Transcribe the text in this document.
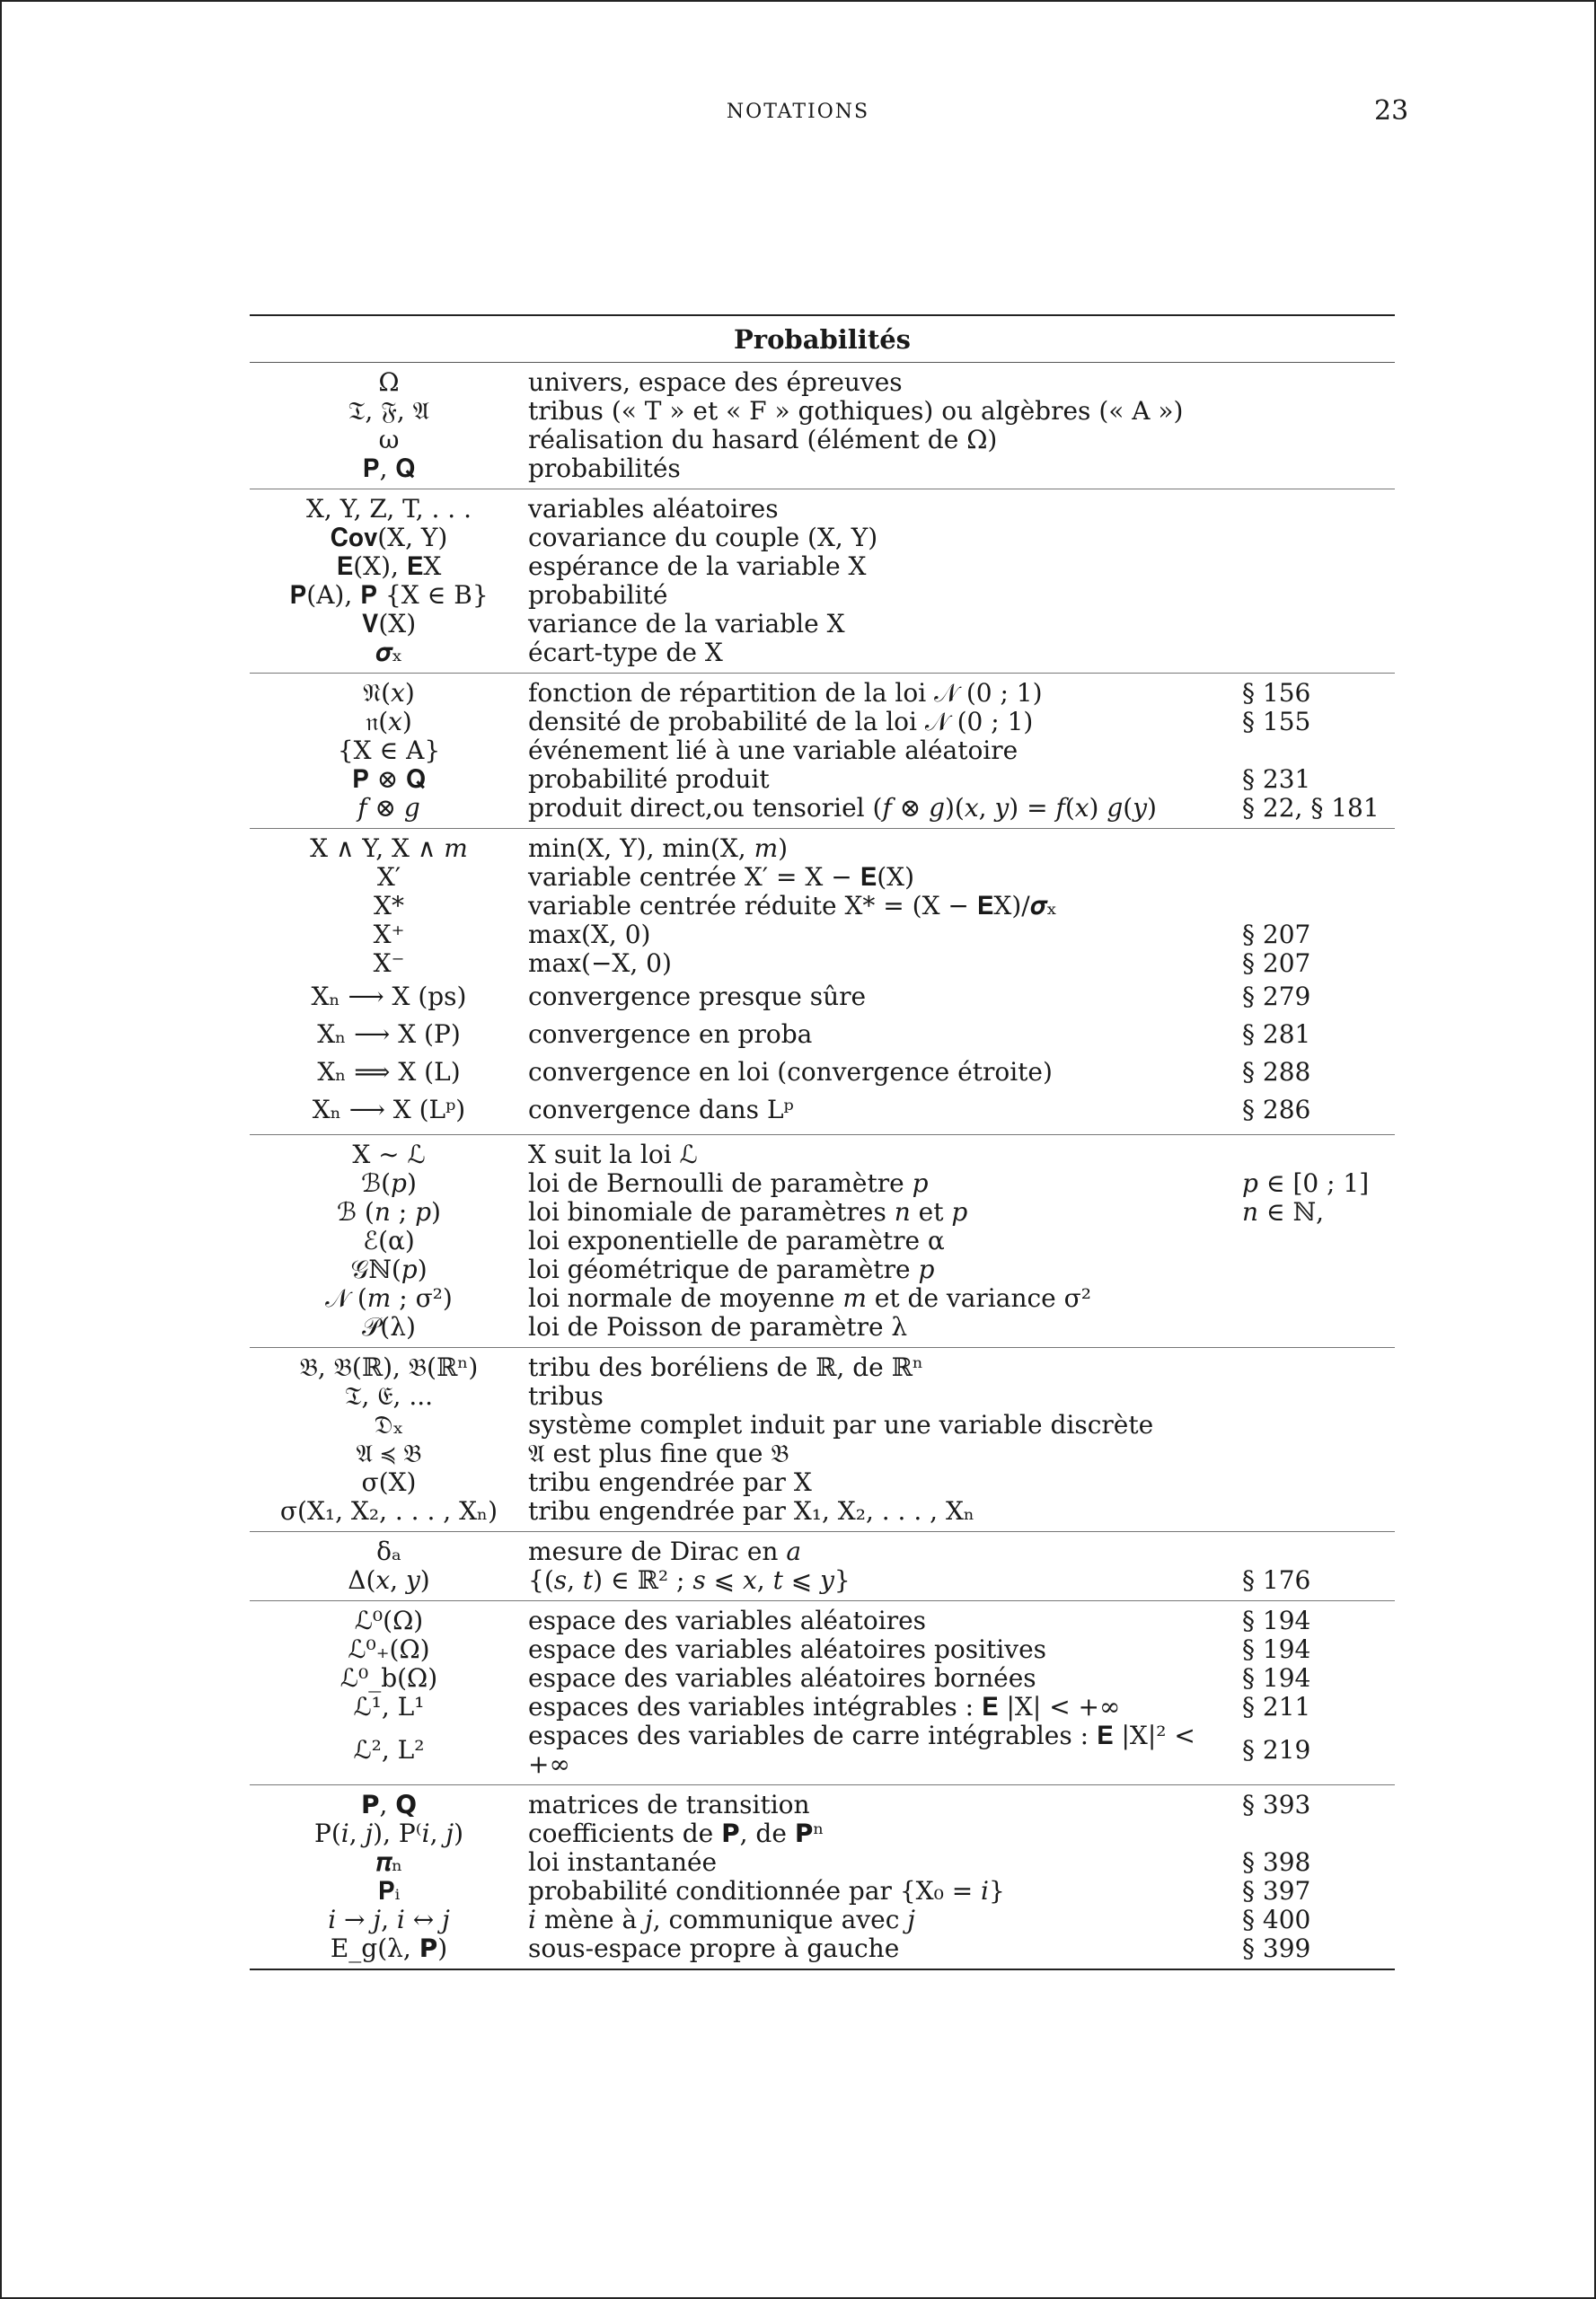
NOTATIONS	23
Probabilités		
Ω	univers, espace des épreuves	
𝔗, 𝔉, 𝔄	tribus (« T » et « F » gothiques) ou algèbres (« A »)	
ω	réalisation du hasard (élément de Ω)	
𝐏, 𝐐	probabilités	
X, Y, Z, T, . . .	variables aléatoires	
𝐂𝐨𝐯(X, Y)	covariance du couple (X, Y)	
𝐄(X), 𝐄X	espérance de la variable X	
𝐏(A), 𝐏 {X ∈ B}	probabilité	
𝐕(X)	variance de la variable X	
𝝈ₓ	écart-type de X	
𝔑(𝑥)	fonction de répartition de la loi 𝒩 (0 ; 1)	§ 156
𝔫(𝑥)	densité de probabilité de la loi 𝒩 (0 ; 1)	§ 155
{X ∈ A}	événement lié à une variable aléatoire	
𝐏 ⊗ 𝐐	probabilité produit	§ 231
𝑓 ⊗ 𝑔	produit direct,ou tensoriel (𝑓 ⊗ 𝑔)(𝑥, 𝑦) = 𝑓(𝑥) 𝑔(𝑦)	§ 22, § 181
X ∧ Y, X ∧ 𝑚	min(X, Y), min(X, 𝑚)	
X′	variable centrée X′ = X − 𝐄(X)	
X*	variable centrée réduite X* = (X − 𝐄X)/𝝈ₓ	
X⁺	max(X, 0)	§ 207
X⁻	max(−X, 0)	§ 207
Xₙ ⟶ X (ps)	convergence presque sûre	§ 279
Xₙ ⟶ X (P)	convergence en proba	§ 281
Xₙ ⟹ X (L)	convergence en loi (convergence étroite)	§ 288
Xₙ ⟶ X (Lᵖ)	convergence dans Lᵖ	§ 286
X ∼ ℒ	X suit la loi ℒ	
ℬ(𝑝)	loi de Bernoulli de paramètre 𝑝	𝑝 ∈ [0 ; 1]
ℬ (𝑛 ; 𝑝)	loi binomiale de paramètres 𝑛 et 𝑝	𝑛 ∈ ℕ,
ℰ(α)	loi exponentielle de paramètre α	
𝒢ℕ(𝑝)	loi géométrique de paramètre 𝑝	
𝒩 (𝑚 ; σ²)	loi normale de moyenne 𝑚 et de variance σ²	
𝒫(λ)	loi de Poisson de paramètre λ	
𝔅, 𝔅(ℝ), 𝔅(ℝⁿ)	tribu des boréliens de ℝ, de ℝⁿ	
𝔗, 𝔈, ...	tribus	
𝔇ₓ	système complet induit par une variable discrète	
𝔄 ≼ 𝔅	𝔄 est plus fine que 𝔅	
σ(X)	tribu engendrée par X	
σ(X₁, X₂, . . . , Xₙ)	tribu engendrée par X₁, X₂, . . . , Xₙ	
δₐ	mesure de Dirac en 𝑎	
Δ(𝑥, 𝑦)	{(𝑠, 𝑡) ∈ ℝ² ; 𝑠 ⩽ 𝑥, 𝑡 ⩽ 𝑦}	§ 176
ℒ⁰(Ω)	espace des variables aléatoires	§ 194
ℒ⁰₊(Ω)	espace des variables aléatoires positives	§ 194
ℒ⁰_b(Ω)	espace des variables aléatoires bornées	§ 194
ℒ¹, L¹	espaces des variables intégrables : 𝐄 |X| < +∞	§ 211
ℒ², L²	espaces des variables de carre intégrables : 𝐄 |X|² < +∞	§ 219
𝗣, 𝗤	matrices de transition	§ 393
P(𝑖, 𝑗), P⁽𝑖, 𝑗)	coefficients de 𝗣, de 𝗣ⁿ	
𝝅ₙ	loi instantanée	§ 398
𝐏ᵢ	probabilité conditionnée par {X₀ = 𝑖}	§ 397
𝑖 → 𝑗, 𝑖 ↔ 𝑗	𝑖 mène à 𝑗, communique avec 𝑗	§ 400
E_g(λ, 𝗣)	sous-espace propre à gauche	§ 399
